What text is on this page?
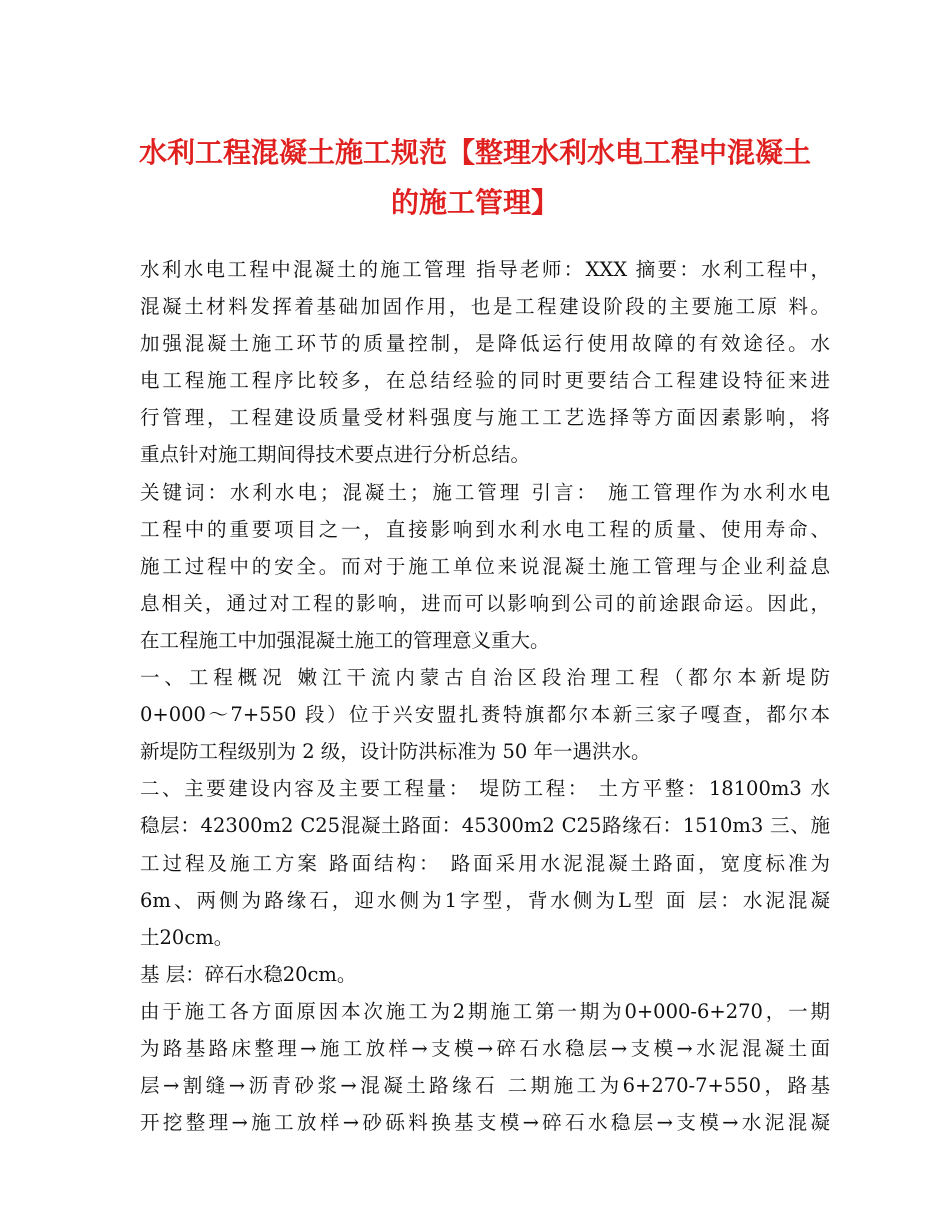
水利工程混凝土施工规范【整理水利水电工程中混凝土
的施工管理】
水利水电工程中混凝土的施工管理 指导老师：XXX 摘要：水利工程中，
混凝土材料发挥着基础加固作用，也是工程建设阶段的主要施工原 料。
加强混凝土施工环节的质量控制，是降低运行使用故障的有效途径。水
电工程施工程序比较多，在总结经验的同时更要结合工程建设特征来进
行管理，工程建设质量受材料强度与施工工艺选择等方面因素影响，将
重点针对施工期间得技术要点进行分析总结。
关键词：水利水电；混凝土；施工管理 引言： 施工管理作为水利水电
工程中的重要项目之一，直接影响到水利水电工程的质量、使用寿命、
施工过程中的安全。而对于施工单位来说混凝土施工管理与企业利益息
息相关，通过对工程的影响，进而可以影响到公司的前途跟命运。因此，
在工程施工中加强混凝土施工的管理意义重大。
一、工程概况 嫩江干流内蒙古自治区段治理工程（都尔本新堤防
0+000～7+550 段）位于兴安盟扎赉特旗都尔本新三家子嘎查，都尔本
新堤防工程级别为 2 级，设计防洪标准为 50 年一遇洪水。
二、主要建设内容及主要工程量： 堤防工程： 土方平整：18100m3 水
稳层：42300m2 C25混凝土路面：45300m2 C25路缘石：1510m3 三、施
工过程及施工方案 路面结构： 路面采用水泥混凝土路面，宽度标准为
6m、两侧为路缘石，迎水侧为1字型，背水侧为L型 面 层：水泥混凝
土20cm。
基 层：碎石水稳20cm。
由于施工各方面原因本次施工为2期施工第一期为0+000-6+270，一期
为路基路床整理→施工放样→支模→碎石水稳层→支模→水泥混凝土面
层→割缝→沥青砂浆→混凝土路缘石 二期施工为6+270-7+550，路基
开挖整理→施工放样→砂砾料换基支模→碎石水稳层→支模→水泥混凝
